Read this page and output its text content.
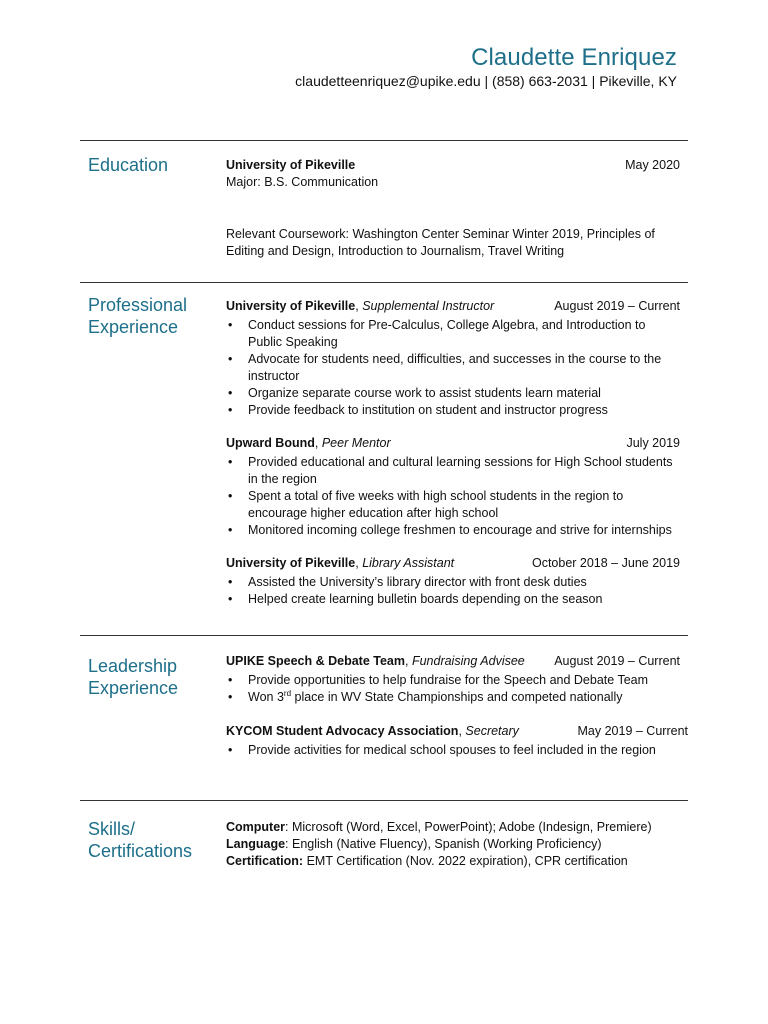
Claudette Enriquez
claudetteenriquez@upike.edu | (858) 663-2031 | Pikeville, KY
Education	University of Pikeville	May 2020
Major: B.S. Communication
Relevant Coursework: Washington Center Seminar Winter 2019, Principles of
Editing and Design, Introduction to Journalism, Travel Writing
Professional
Experience
University of Pikeville, Supplemental Instructor	August 2019 – Current
• Conduct sessions for Pre-Calculus, College Algebra, and Introduction to
Public Speaking
• Advocate for students need, difficulties, and successes in the course to the
instructor
• Organize separate course work to assist students learn material
• Provide feedback to institution on student and instructor progress
Upward Bound, Peer Mentor	July 2019
• Provided educational and cultural learning sessions for High School students
in the region
• Spent a total of five weeks with high school students in the region to
encourage higher education after high school
• Monitored incoming college freshmen to encourage and strive for internships
University of Pikeville, Library Assistant	October 2018 – June 2019
• Assisted the University’s library director with front desk duties
• Helped create learning bulletin boards depending on the season
Leadership
Experience
UPIKE Speech & Debate Team, Fundraising Advisee August 2019 – Current
• Provide opportunities to help fundraise for the Speech and Debate Team
• Won 3rd place in WV State Championships and competed nationally
KYCOM Student Advocacy Association, Secretary	May 2019 – Current
• Provide activities for medical school spouses to feel included in the region
Skills/
Certifications
Computer: Microsoft (Word, Excel, PowerPoint); Adobe (Indesign, Premiere)
Language: English (Native Fluency), Spanish (Working Proficiency)
Certification: EMT Certification (Nov. 2022 expiration), CPR certification
